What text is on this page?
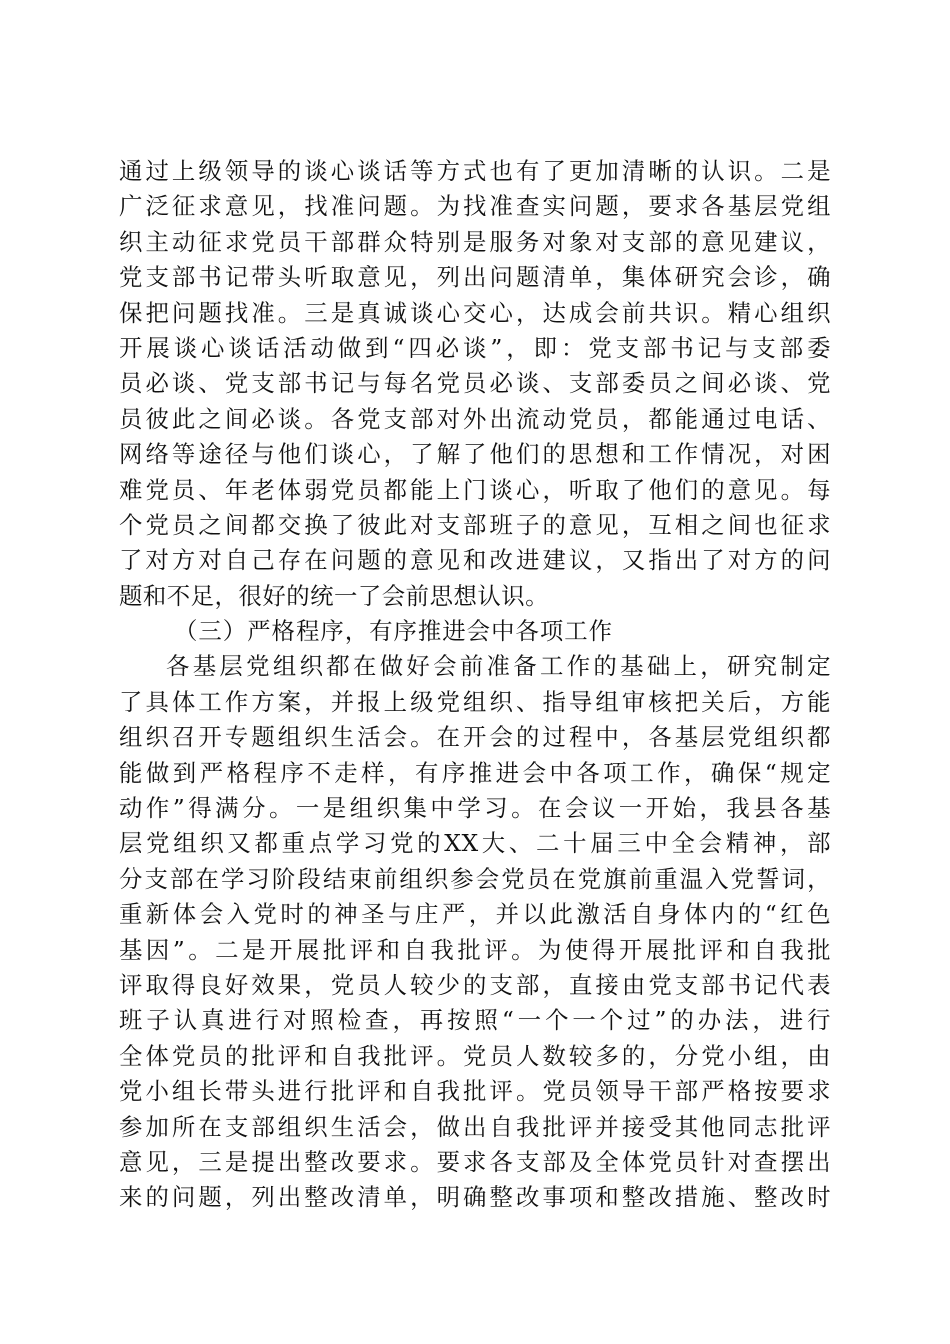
通过上级领导的谈心谈话等方式也有了更加清晰的认识。二是
广泛征求意见，找准问题。为找准查实问题，要求各基层党组
织主动征求党员干部群众特别是服务对象对支部的意见建议，
党支部书记带头听取意见，列出问题清单，集体研究会诊，确
保把问题找准。三是真诚谈心交心，达成会前共识。精心组织
开展谈心谈话活动做到“四必谈”，即：党支部书记与支部委
员必谈、党支部书记与每名党员必谈、支部委员之间必谈、党
员彼此之间必谈。各党支部对外出流动党员，都能通过电话、
网络等途径与他们谈心，了解了他们的思想和工作情况，对困
难党员、年老体弱党员都能上门谈心，听取了他们的意见。每
个党员之间都交换了彼此对支部班子的意见，互相之间也征求
了对方对自己存在问题的意见和改进建议，又指出了对方的问
题和不足，很好的统一了会前思想认识。
（三）严格程序，有序推进会中各项工作
各基层党组织都在做好会前准备工作的基础上，研究制定
了具体工作方案，并报上级党组织、指导组审核把关后，方能
组织召开专题组织生活会。在开会的过程中，各基层党组织都
能做到严格程序不走样，有序推进会中各项工作，确保“规定
动作”得满分。一是组织集中学习。在会议一开始，我县各基
层党组织又都重点学习党的XX大、二十届三中全会精神，部
分支部在学习阶段结束前组织参会党员在党旗前重温入党誓词，
重新体会入党时的神圣与庄严，并以此激活自身体内的“红色
基因”。二是开展批评和自我批评。为使得开展批评和自我批
评取得良好效果，党员人较少的支部，直接由党支部书记代表
班子认真进行对照检查，再按照“一个一个过”的办法，进行
全体党员的批评和自我批评。党员人数较多的，分党小组，由
党小组长带头进行批评和自我批评。党员领导干部严格按要求
参加所在支部组织生活会，做出自我批评并接受其他同志批评
意见，三是提出整改要求。要求各支部及全体党员针对查摆出
来的问题，列出整改清单，明确整改事项和整改措施、整改时
